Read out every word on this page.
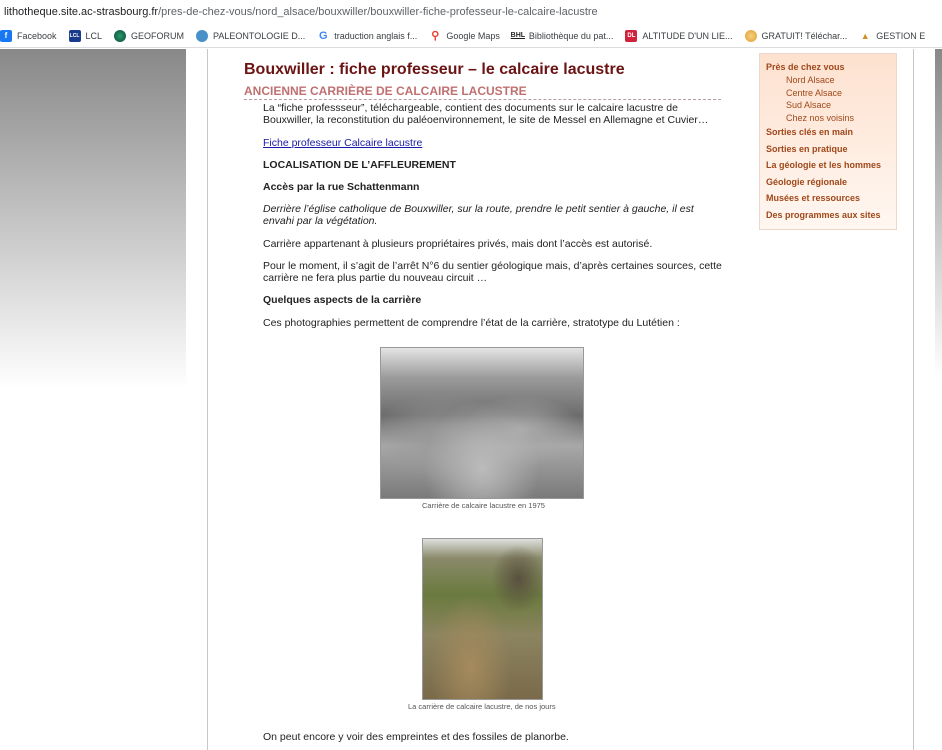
lithotheque.site.ac-strasbourg.fr/pres-de-chez-vous/nord_alsace/bouxwiller/bouxwiller-fiche-professeur-le-calcaire-lacustre
f	Facebook	LCL LCL	GEOFORUM	PALEONTOLOGIE D... G traduction anglais f... ⚲ Google Maps BHL Bibliothèque du pat...	DL ALTITUDE D'UN LIE...	GRATUIT! Téléchar... ▲ GESTION E
Bouxwiller : fiche professeur – le calcaire lacustre
ANCIENNE CARRIÈRE DE CALCAIRE LACUSTRE

La “fiche professseur”, téléchargeable, contient des documents sur le calcaire lacustre de Bouxwiller, la reconstitution du paléoenvironnement, le site de Messel en Allemagne et Cuvier…

Fiche professeur Calcaire lacustre

LOCALISATION DE L’AFFLEUREMENT

Accès par la rue Schattenmann

Derrière l’église catholique de Bouxwiller, sur la route, prendre le petit sentier à gauche, il est envahi par la végétation.

Carrière appartenant à plusieurs propriétaires privés, mais dont l’accès est autorisé.

Pour le moment, il s’agit de l’arrêt N°6 du sentier géologique mais, d’après certaines sources, cette carrière ne fera plus partie du nouveau circuit …

Quelques aspects de la carrière

Ces photographies permettent de comprendre l’état de la carrière, stratotype du Lutétien :

Carrière de calcaire lacustre en 1975
La carrière de calcaire lacustre, de nos jours

On peut encore y voir des empreintes et des fossiles de planorbe.

Près de chez vous
Nord Alsace
Centre Alsace
Sud Alsace
Chez nos voisins
Sorties clés en main
Sorties en pratique
La géologie et les hommes
Géologie régionale
Musées et ressources
Des programmes aux sites
